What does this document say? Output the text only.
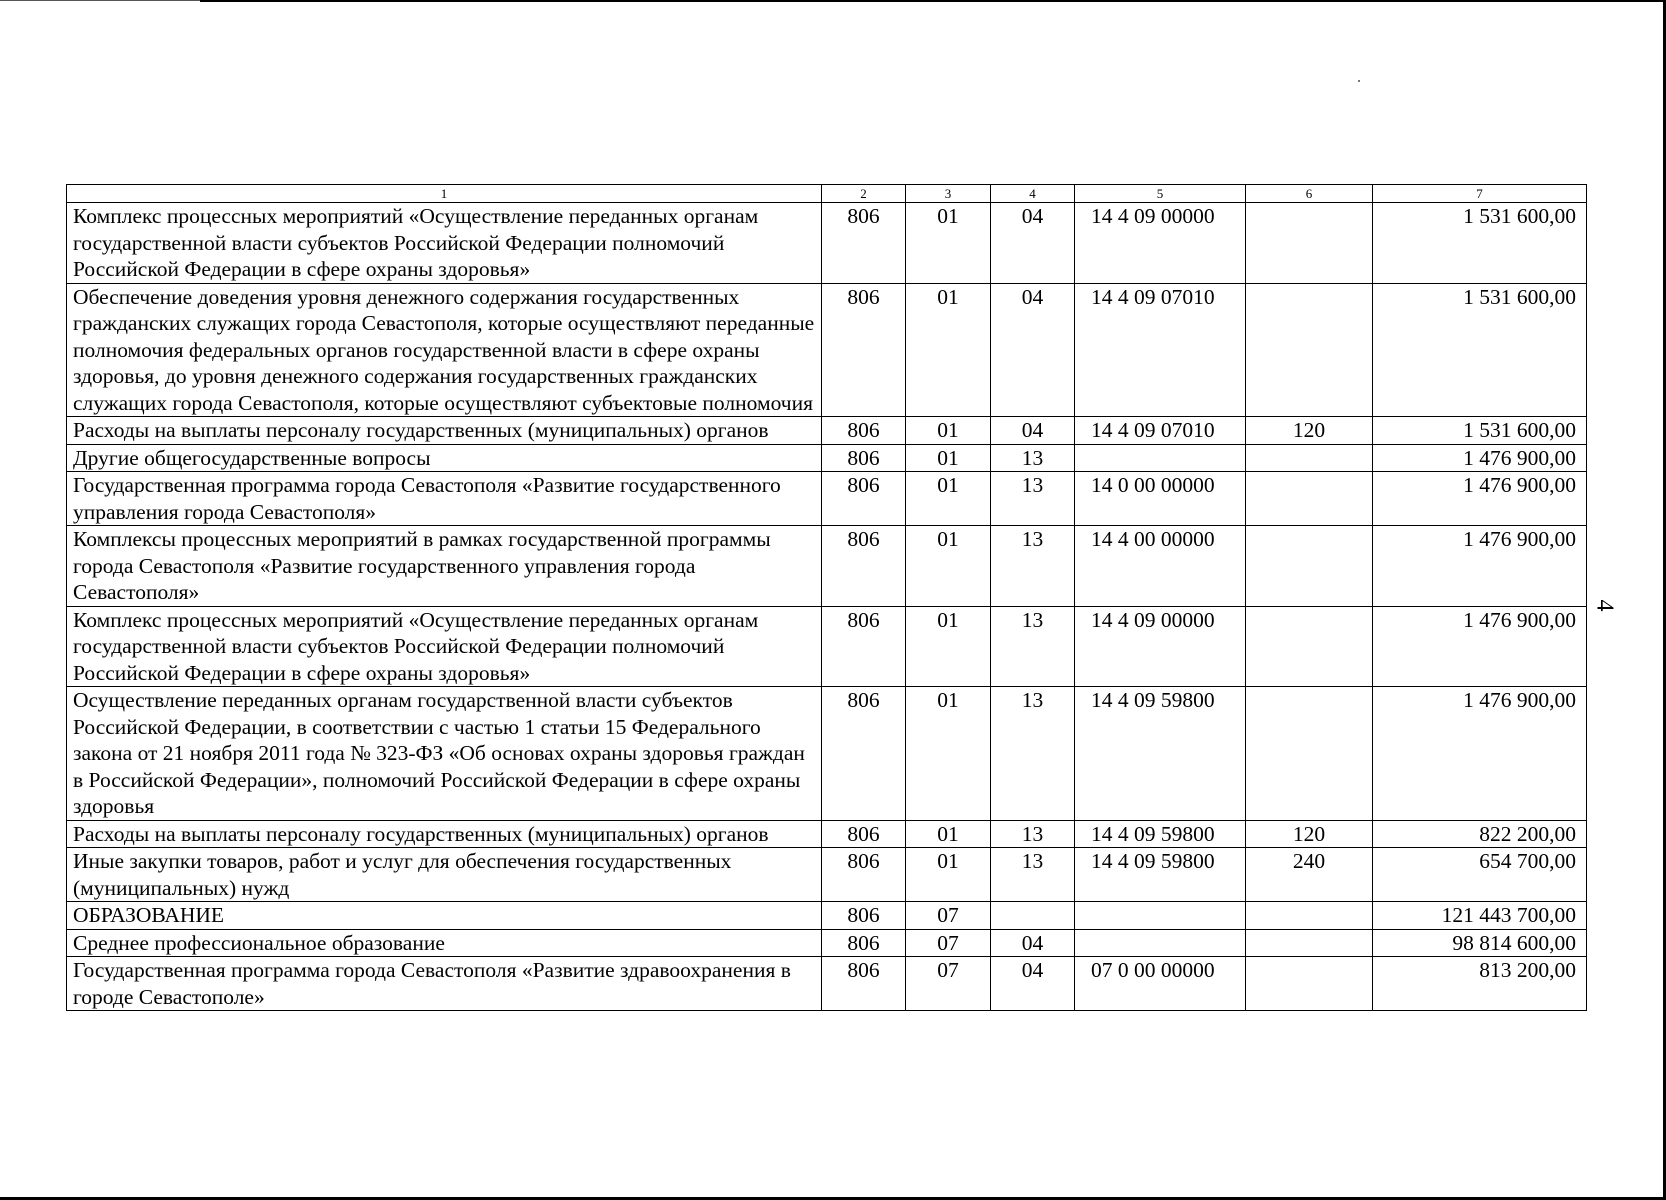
4
1	2	3	4	5	6	7
Комплекс процессных мероприятий «Осуществление переданных органам государственной власти субъектов Российской Федерации полномочий Российской Федерации в сфере охраны здоровья»	806	01	04	14 4 09 00000		1 531 600,00
Обеспечение доведения уровня денежного содержания государственных гражданских служащих города Севастополя, которые осуществляют переданные полномочия федеральных органов государственной власти в сфере охраны здоровья, до уровня денежного содержания государственных гражданских служащих города Севастополя, которые осуществляют субъектовые полномочия	806	01	04	14 4 09 07010		1 531 600,00
Расходы на выплаты персоналу государственных (муниципальных) органов	806	01	04	14 4 09 07010	120	1 531 600,00
Другие общегосударственные вопросы	806	01	13			1 476 900,00
Государственная программа города Севастополя «Развитие государственного управления города Севастополя»	806	01	13	14 0 00 00000		1 476 900,00
Комплексы процессных мероприятий в рамках государственной программы города Севастополя «Развитие государственного управления города Севастополя»	806	01	13	14 4 00 00000		1 476 900,00
Комплекс процессных мероприятий «Осуществление переданных органам государственной власти субъектов Российской Федерации полномочий Российской Федерации в сфере охраны здоровья»	806	01	13	14 4 09 00000		1 476 900,00
Осуществление переданных органам государственной власти субъектов Российской Федерации, в соответствии с частью 1 статьи 15 Федерального закона от 21 ноября 2011 года № 323-ФЗ «Об основах охраны здоровья граждан в Российской Федерации», полномочий Российской Федерации в сфере охраны здоровья	806	01	13	14 4 09 59800		1 476 900,00
Расходы на выплаты персоналу государственных (муниципальных) органов	806	01	13	14 4 09 59800	120	822 200,00
Иные закупки товаров, работ и услуг для обеспечения государственных (муниципальных) нужд	806	01	13	14 4 09 59800	240	654 700,00
ОБРАЗОВАНИЕ	806	07				121 443 700,00
Среднее профессиональное образование	806	07	04			98 814 600,00
Государственная программа города Севастополя «Развитие здравоохранения в городе Севастополе»	806	07	04	07 0 00 00000		813 200,00
